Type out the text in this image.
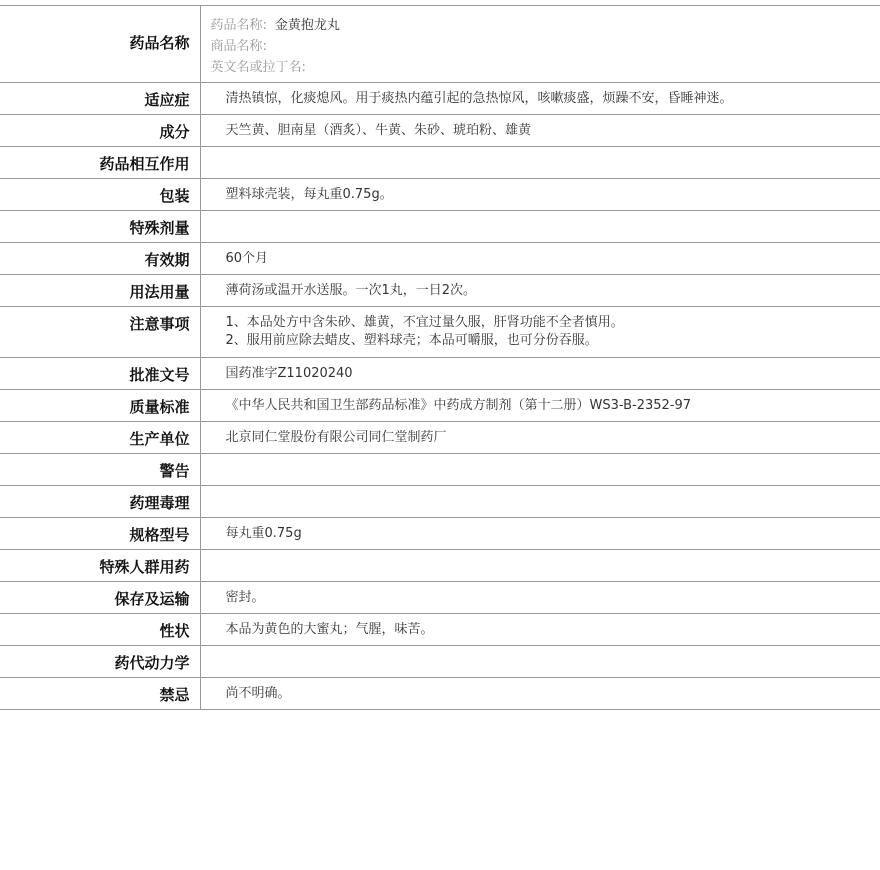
药品名称	药品名称: 金黄抱龙丸
商品名称:
英文名或拉丁名:

适应症	清热镇惊，化痰熄风。用于痰热内蕴引起的急热惊风，咳嗽痰盛，烦躁不安，昏睡神迷。
成分	天竺黄、胆南星（酒炙）、牛黄、朱砂、琥珀粉、雄黄
药品相互作用	
包装	塑料球壳装，每丸重0.75g。
特殊剂量	
有效期	60个月
用法用量	薄荷汤或温开水送服。一次1丸，一日2次。
注意事项	1、本品处方中含朱砂、雄黄，不宜过量久服，肝肾功能不全者慎用。
2、服用前应除去蜡皮、塑料球壳；本品可嚼服，也可分份吞服。

批准文号	国药准字Z11020240
质量标准	《中华人民共和国卫生部药品标准》中药成方制剂（第十二册）WS3-B-2352-97
生产单位	北京同仁堂股份有限公司同仁堂制药厂
警告	
药理毒理	
规格型号	每丸重0.75g
特殊人群用药	
保存及运输	密封。
性状	本品为黄色的大蜜丸；气腥，味苦。
药代动力学	
禁忌	尚不明确。
